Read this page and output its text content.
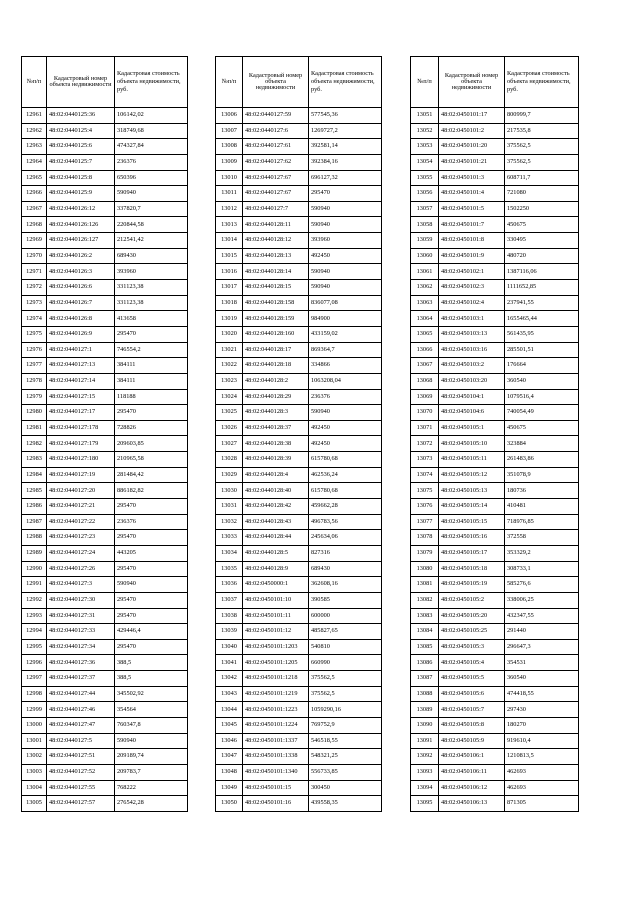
№п/п	Кадастровый номер объекта недвижимости	Кадастровая стоимость объекта недвижимости, руб.
12961	48:02:0440125:36	106142,02
12962	48:02:0440125:4	318749,68
12963	48:02:0440125:6	474327,84
12964	48:02:0440125:7	236376
12965	48:02:0440125:8	650396
12966	48:02:0440125:9	590940
12967	48:02:0440126:12	337820,7
12968	48:02:0440126:126	220844,58
12969	48:02:0440126:127	212541,42
12970	48:02:0440126:2	689430
12971	48:02:0440126:3	393960
12972	48:02:0440126:6	331123,38
12973	48:02:0440126:7	331123,38
12974	48:02:0440126:8	413658
12975	48:02:0440126:9	295470
12976	48:02:0440127:1	746554,2
12977	48:02:0440127:13	384111
12978	48:02:0440127:14	384111
12979	48:02:0440127:15	118188
12980	48:02:0440127:17	295470
12981	48:02:0440127:178	728826
12982	48:02:0440127:179	209603,85
12983	48:02:0440127:180	210965,58
12984	48:02:0440127:19	281484,42
12985	48:02:0440127:20	886182,82
12986	48:02:0440127:21	295470
12987	48:02:0440127:22	236376
12988	48:02:0440127:23	295470
12989	48:02:0440127:24	443205
12990	48:02:0440127:26	295470
12991	48:02:0440127:3	590940
12992	48:02:0440127:30	295470
12993	48:02:0440127:31	295470
12994	48:02:0440127:33	429446,4
12995	48:02:0440127:34	295470
12996	48:02:0440127:36	388,5
12997	48:02:0440127:37	388,5
12998	48:02:0440127:44	345502,92
12999	48:02:0440127:46	354564
13000	48:02:0440127:47	760347,8
13001	48:02:0440127:5	590940
13002	48:02:0440127:51	209189,74
13003	48:02:0440127:52	209783,7
13004	48:02:0440127:55	768222
13005	48:02:0440127:57	276542,28
№п/п	Кадастровый номер объекта недвижимости	Кадастровая стоимость объекта недвижимости, руб.
13006	48:02:0440127:59	577545,36
13007	48:02:0440127:6	1269727,2
13008	48:02:0440127:61	392581,14
13009	48:02:0440127:62	392384,16
13010	48:02:0440127:67	696127,32
13011	48:02:0440127:67	295470
13012	48:02:0440127:7	590940
13013	48:02:0440128:11	590940
13014	48:02:0440128:12	393960
13015	48:02:0440128:13	492450
13016	48:02:0440128:14	590940
13017	48:02:0440128:15	590940
13018	48:02:0440128:158	836077,08
13019	48:02:0440128:159	984900
13020	48:02:0440128:160	433159,02
13021	48:02:0440128:17	869364,7
13022	48:02:0440128:18	334866
13023	48:02:0440128:2	1063208,04
13024	48:02:0440128:29	236376
13025	48:02:0440128:3	590940
13026	48:02:0440128:37	492450
13027	48:02:0440128:38	492450
13028	48:02:0440128:39	615780,68
13029	48:02:0440128:4	462536,24
13030	48:02:0440128:40	615780,68
13031	48:02:0440128:42	459662,28
13032	48:02:0440128:43	496783,56
13033	48:02:0440128:44	245634,06
13034	48:02:0440128:5	827316
13035	48:02:0440128:9	689430
13036	48:02:0450000:1	362608,16
13037	48:02:0450101:10	390585
13038	48:02:0450101:11	600000
13039	48:02:0450101:12	485827,65
13040	48:02:0450101:1203	540810
13041	48:02:0450101:1205	660990
13042	48:02:0450101:1218	375562,5
13043	48:02:0450101:1219	375562,5
13044	48:02:0450101:1223	1059290,16
13045	48:02:0450101:1224	769752,9
13046	48:02:0450101:1337	546518,55
13047	48:02:0450101:1338	548321,25
13048	48:02:0450101:1340	556733,85
13049	48:02:0450101:15	300450
13050	48:02:0450101:16	439558,35
№п/п	Кадастровый номер объекта недвижимости	Кадастровая стоимость объекта недвижимости, руб.
13051	48:02:0450101:17	800999,7
13052	48:02:0450101:2	217535,8
13053	48:02:0450101:20	375562,5
13054	48:02:0450101:21	375562,5
13055	48:02:0450101:3	608711,7
13056	48:02:0450101:4	721080
13057	48:02:0450101:5	1502250
13058	48:02:0450101:7	450675
13059	48:02:0450101:8	330495
13060	48:02:0450101:9	480720
13061	48:02:0450102:1	1387116,06
13062	48:02:0450102:3	1111652,85
13063	48:02:0450102:4	237941,55
13064	48:02:0450103:1	1655465,44
13065	48:02:0450103:13	561435,95
13066	48:02:0450103:16	285501,51
13067	48:02:0450103:2	176664
13068	48:02:0450103:20	360540
13069	48:02:0450104:1	1079516,4
13070	48:02:0450104:6	740054,49
13071	48:02:0450105:1	450675
13072	48:02:0450105:10	323884
13073	48:02:0450105:11	261483,86
13074	48:02:0450105:12	351078,9
13075	48:02:0450105:13	180736
13076	48:02:0450105:14	410481
13077	48:02:0450105:15	718976,85
13078	48:02:0450105:16	372558
13079	48:02:0450105:17	353329,2
13080	48:02:0450105:18	308733,1
13081	48:02:0450105:19	585276,6
13082	48:02:0450105:2	338006,25
13083	48:02:0450105:20	432347,55
13084	48:02:0450105:25	291440
13085	48:02:0450105:3	296647,3
13086	48:02:0450105:4	354531
13087	48:02:0450105:5	360540
13088	48:02:0450105:6	474418,55
13089	48:02:0450105:7	297430
13090	48:02:0450105:8	180270
13091	48:02:0450105:9	919610,4
13092	48:02:0450106:1	1210813,5
13093	48:02:0450106:11	462693
13094	48:02:0450106:12	462693
13095	48:02:0450106:13	871305
